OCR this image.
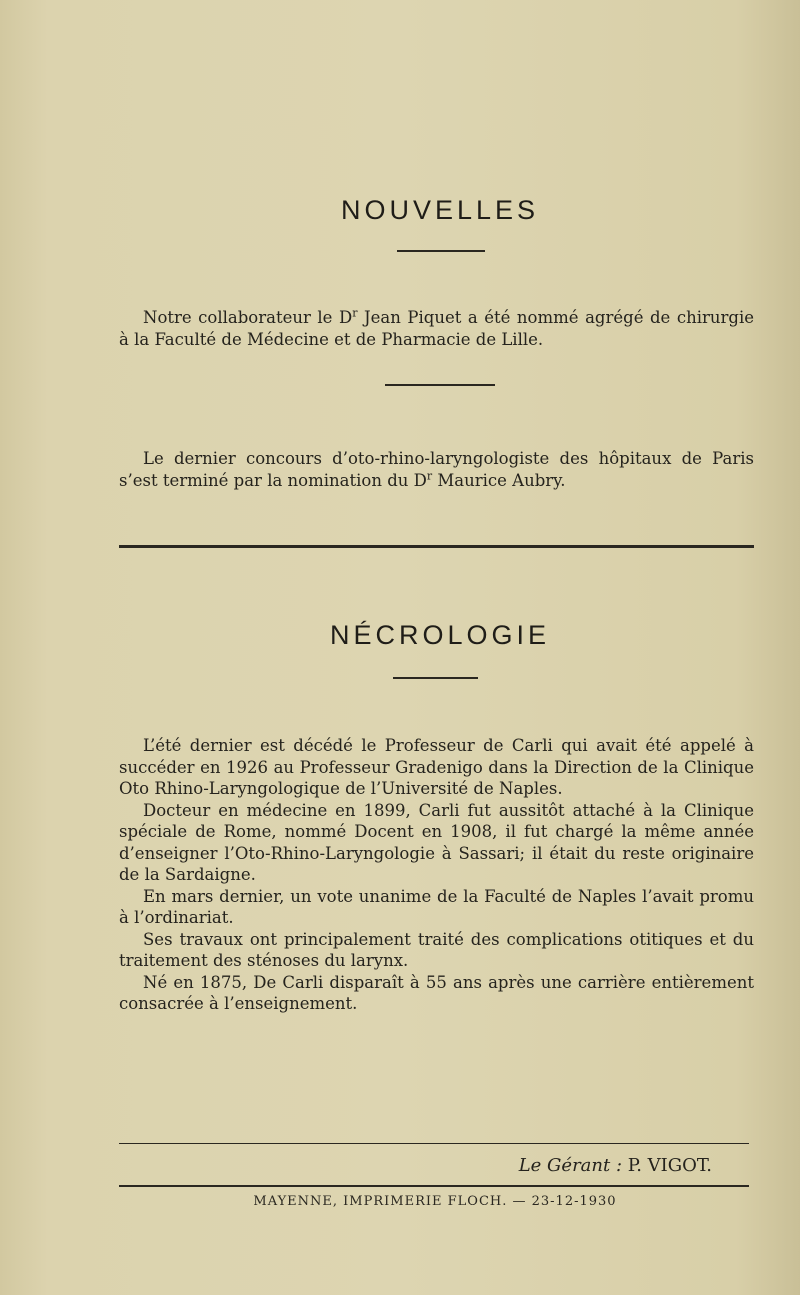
NOUVELLES

Notre collaborateur le $D^r$ Jean Piquet a été nommé agrégé de chirurgie à la Faculté de Médecine et de Pharmacie de Lille.

Le dernier concours d’oto-rhino-laryngologiste des hôpitaux de Paris s’est terminé par la nomination du $D^r$ Maurice Aubry.

NÉCROLOGIE

L’été dernier est décédé le Professeur de Carli qui avait été appelé à succéder en 1926 au Professeur Gradenigo dans la Direction de la Clinique Oto Rhino-Laryngologique de l’Université de Naples.

Docteur en médecine en 1899, Carli fut aussitôt attaché à la Clinique spéciale de Rome, nommé Docent en 1908, il fut chargé la même année d’enseigner l’Oto-Rhino-Laryngologie à Sassari; il était du reste originaire de la Sardaigne.

En mars dernier, un vote unanime de la Faculté de Naples l’avait promu à l’ordinariat.

Ses travaux ont principalement traité des complications otitiques et du traitement des sténoses du larynx.

Né en 1875, De Carli disparaît à 55 ans après une carrière entièrement consacrée à l’enseignement.

Le Gérant : P. VIGOT.
MAYENNE, IMPRIMERIE FLOCH. — 23-12-1930
